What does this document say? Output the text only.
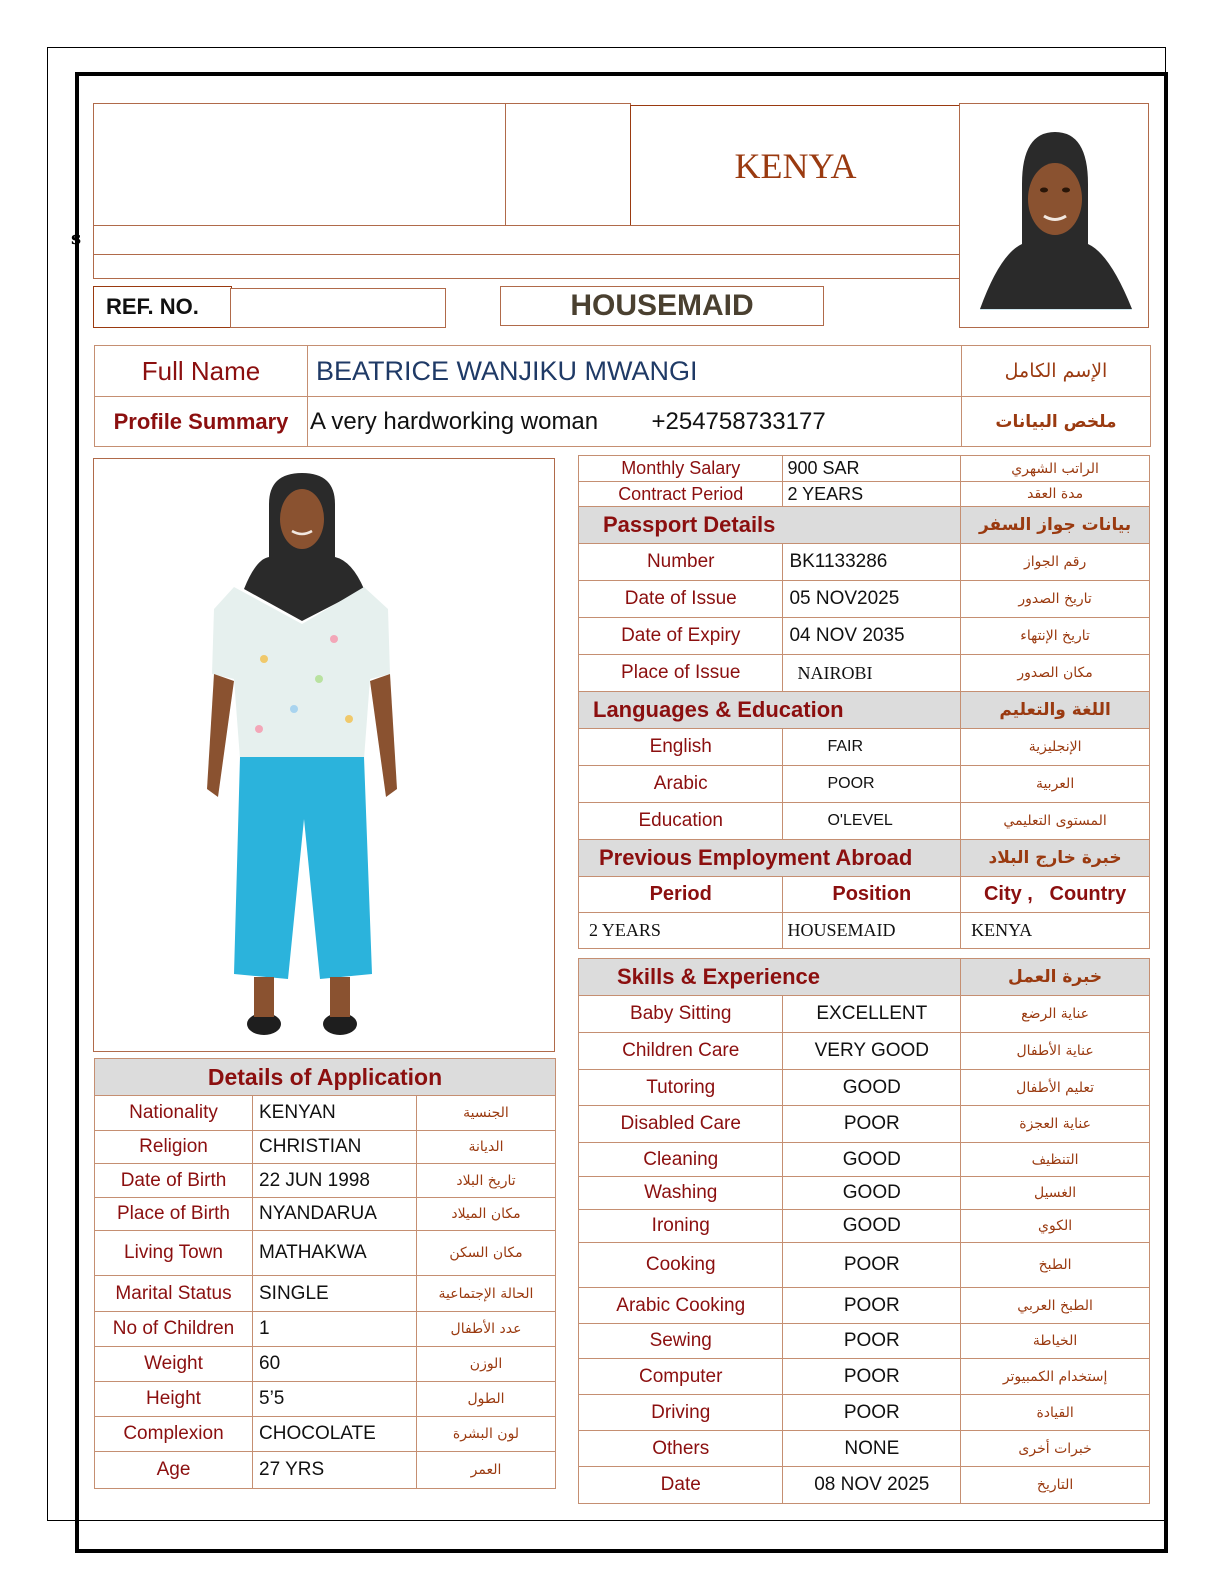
s
KENYA
REF. NO.	HOUSEMAID
Full Name	BEATRICE WANJIKU MWANGI	الإسم الكامل
Profile Summary	A very hardworking woman +254758733177	ملخص البيانات
Details of Application		
Nationality	KENYAN	الجنسية
Religion	CHRISTIAN	الديانة
Date of Birth	22 JUN 1998	تاريخ البلاد
Place of Birth	NYANDARUA	مكان الميلاد
Living Town	MATHAKWA	مكان السكن
Marital Status	SINGLE	الحالة الإجتماعية
No of Children	1	عدد الأطفال
Weight	60	الوزن
Height	5’5	الطول
Complexion	CHOCOLATE	لون البشرة
Age	27 YRS	العمر
Monthly Salary	900 SAR	الراتب الشهري
Contract Period	2 YEARS	مدة العقد
Passport Details		بيانات جواز السفر
Number	BK1133286	رقم الجواز
Date of Issue	05 NOV2025	تاريخ الصدور
Date of Expiry	04 NOV 2035	تاريخ الإنتهاء
Place of Issue	NAIROBI	مكان الصدور
Languages & Education		اللغة والتعليم
English	FAIR	الإنجليزية
Arabic	POOR	العربية
Education	O'LEVEL	المستوى التعليمي
Previous Employment Abroad		خبرة خارج البلاد
Period	Position	City ,   Country
2 YEARS	HOUSEMAID	KENYA

Skills & Experience		خبرة العمل
Baby Sitting	EXCELLENT	عناية الرضع
Children Care	VERY GOOD	عناية الأطفال
Tutoring	GOOD	تعليم الأطفال
Disabled Care	POOR	عناية العجزة
Cleaning	GOOD	التنظيف
Washing	GOOD	الغسيل
Ironing	GOOD	الكوي
Cooking	POOR	الطبخ
Arabic Cooking	POOR	الطبخ العربي
Sewing	POOR	الخياطة
Computer	POOR	إستخدام الكمبيوتر
Driving	POOR	القيادة
Others	NONE	خبرات أخرى
Date	08 NOV 2025	التاريخ
